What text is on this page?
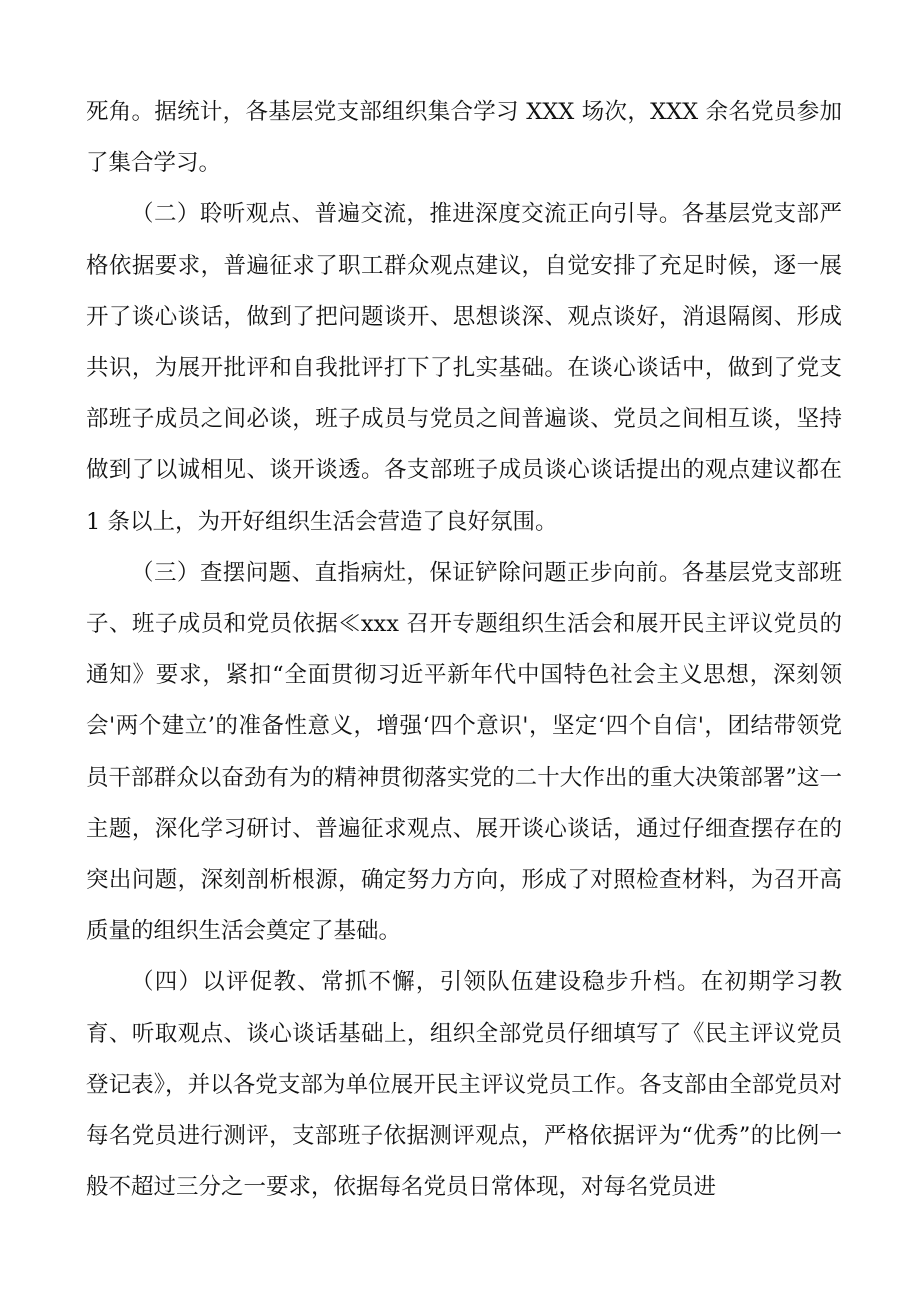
死角。据统计，各基层党支部组织集合学习 XXX 场次，XXX 余名党员参加了集合学习。

（二）聆听观点、普遍交流，推进深度交流正向引导。各基层党支部严格依据要求，普遍征求了职工群众观点建议，自觉安排了充足时候，逐一展开了谈心谈话，做到了把问题谈开、思想谈深、观点谈好，消退隔阂、形成共识，为展开批评和自我批评打下了扎实基础。在谈心谈话中，做到了党支部班子成员之间必谈，班子成员与党员之间普遍谈、党员之间相互谈，坚持做到了以诚相见、谈开谈透。各支部班子成员谈心谈话提出的观点建议都在 1 条以上，为开好组织生活会营造了良好氛围。

（三）查摆问题、直指病灶，保证铲除问题正步向前。各基层党支部班子、班子成员和党员依据≪xxx 召开专题组织生活会和展开民主评议党员的通知》要求，紧扣“全面贯彻习近平新年代中国特色社会主义思想，深刻领会'两个建立’的准备性意义，增强‘四个意识'，坚定‘四个自信'，团结带领党员干部群众以奋劲有为的精神贯彻落实党的二十大作出的重大决策部署”这一主题，深化学习研讨、普遍征求观点、展开谈心谈话，通过仔细查摆存在的突出问题，深刻剖析根源，确定努力方向，形成了对照检查材料，为召开高质量的组织生活会奠定了基础。

（四）以评促教、常抓不懈，引领队伍建设稳步升档。在初期学习教育、听取观点、谈心谈话基础上，组织全部党员仔细填写了《民主评议党员登记表》，并以各党支部为单位展开民主评议党员工作。各支部由全部党员对每名党员进行测评，支部班子依据测评观点，严格依据评为“优秀”的比例一般不超过三分之一要求，依据每名党员日常体现，对每名党员进
